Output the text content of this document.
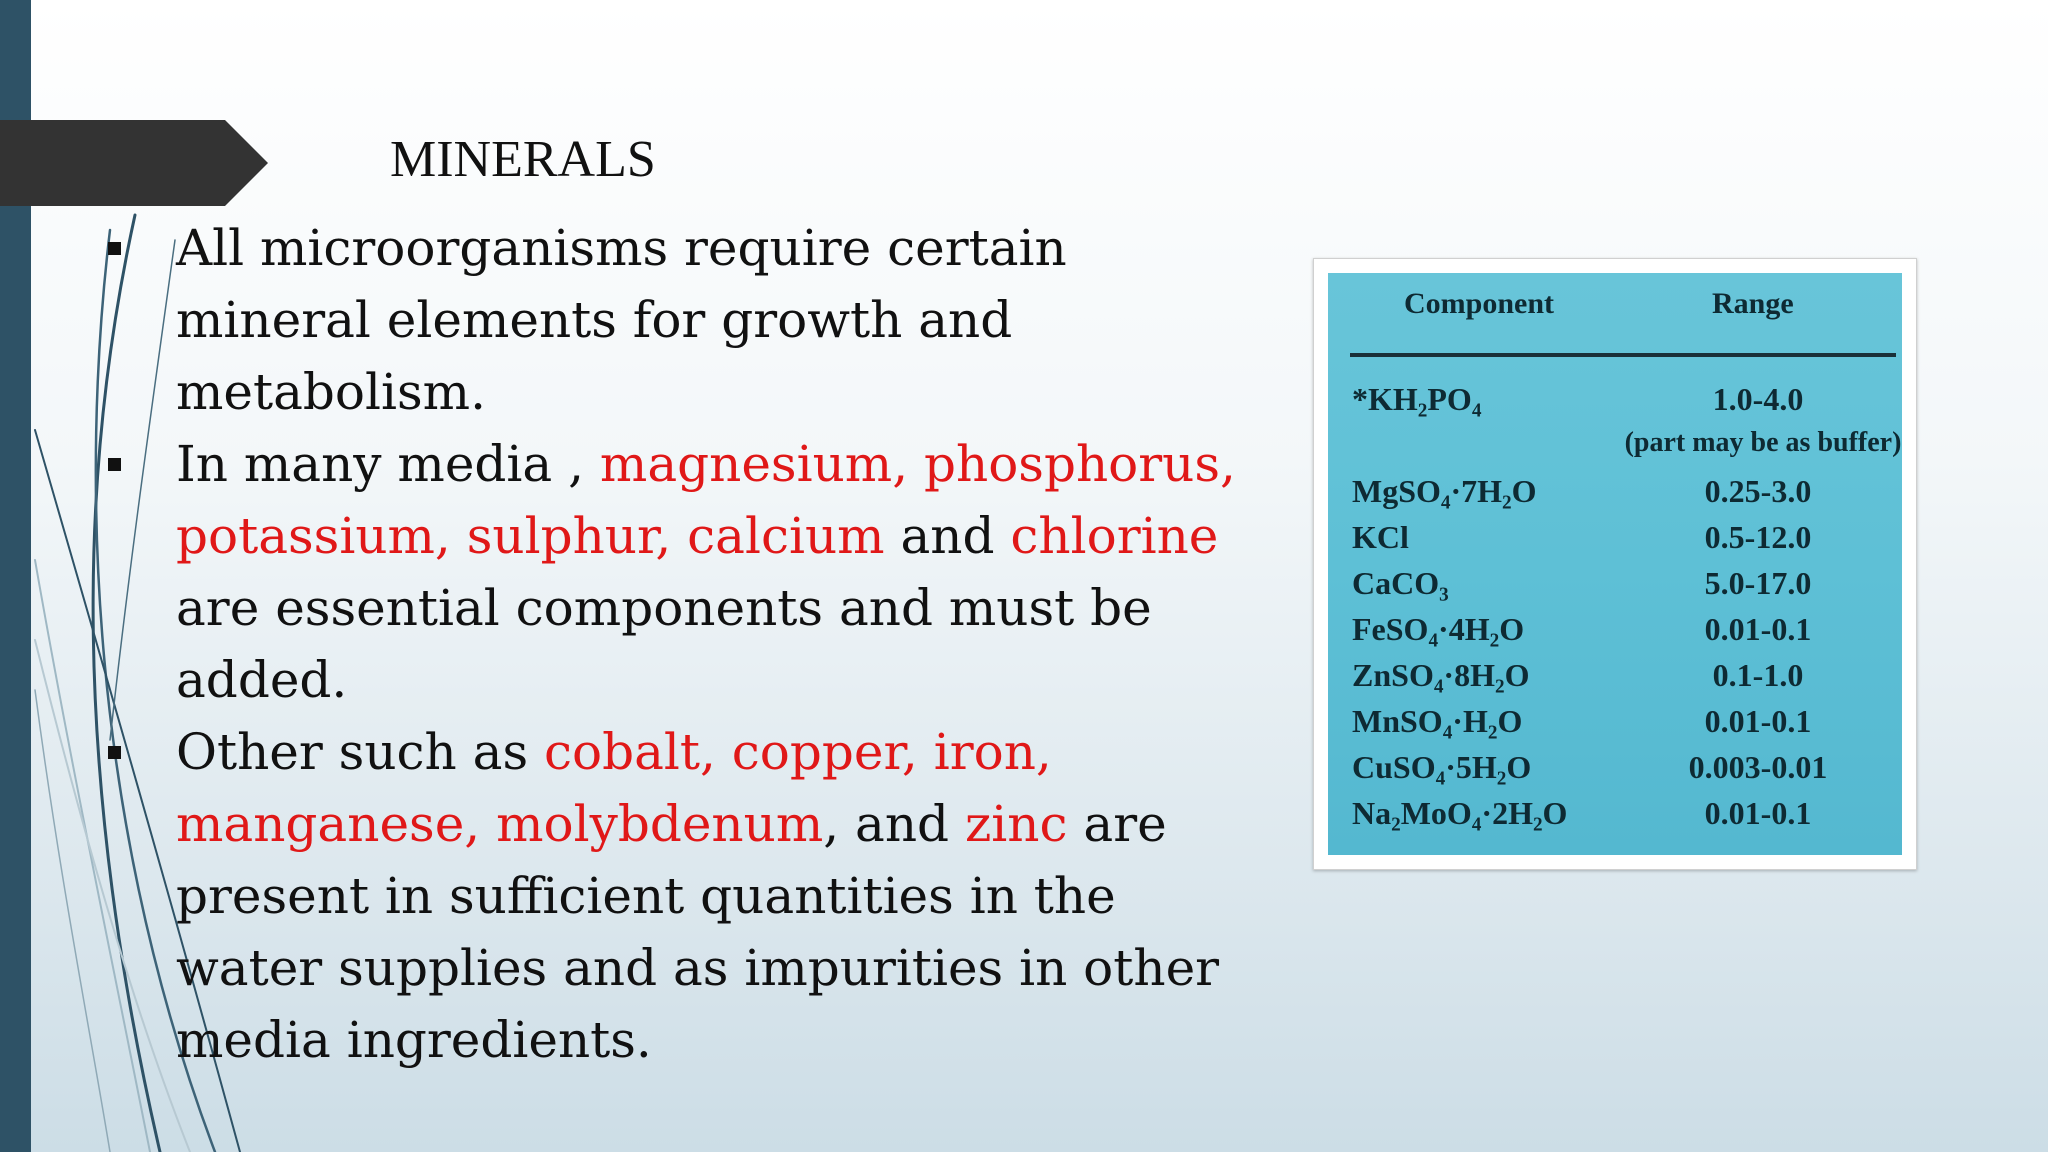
MINERALS
All microorganisms require certain mineral elements for growth and metabolism.
In many media , magnesium, phosphorus, potassium, sulphur, calcium and chlorine are essential components and must be added.
Other such as cobalt, copper, iron, manganese, molybdenum, and zinc are present in sufficient quantities in the water supplies and as impurities in other media ingredients.
Component	Range
*KH₂PO₄	1.0-4.0
(part may be as buffer)
MgSO₄·7H₂O	0.25-3.0
KCl	0.5-12.0
CaCO₃	5.0-17.0
FeSO₄·4H₂O	0.01-0.1
ZnSO₄·8H₂O	0.1-1.0
MnSO₄·H₂O	0.01-0.1
CuSO₄·5H₂O	0.003-0.01
Na₂MoO₄·2H₂O	0.01-0.1
